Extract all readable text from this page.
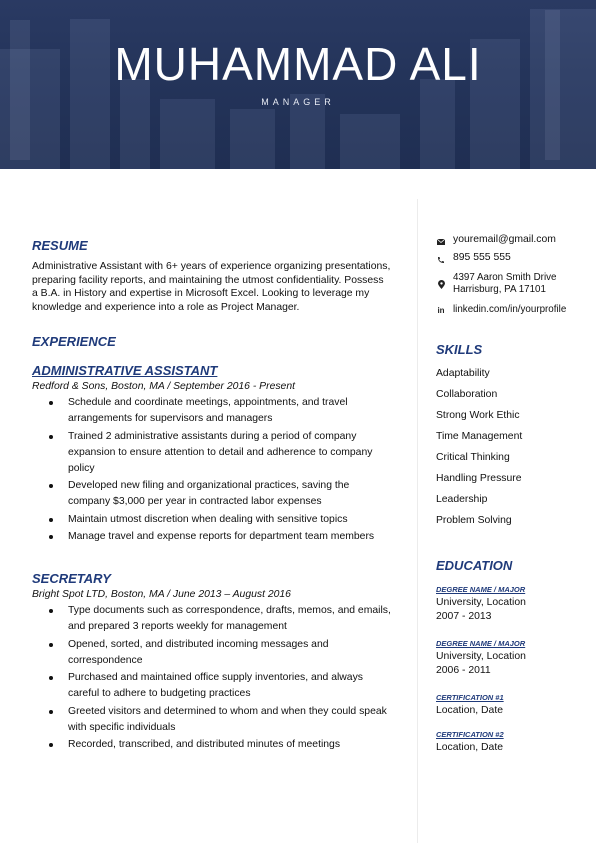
MUHAMMAD ALI
MANAGER
RESUME
Administrative Assistant with 6+ years of experience organizing presentations, preparing facility reports, and maintaining the utmost confidentiality. Possess a B.A. in History and expertise in Microsoft Excel. Looking to leverage my knowledge and experience into a role as Project Manager.
EXPERIENCE
ADMINISTRATIVE ASSISTANT
Redford & Sons, Boston, MA / September 2016 - Present
Schedule and coordinate meetings, appointments, and travel arrangements for supervisors and managers
Trained 2 administrative assistants during a period of company expansion to ensure attention to detail and adherence to company policy
Developed new filing and organizational practices, saving the company $3,000 per year in contracted labor expenses
Maintain utmost discretion when dealing with sensitive topics
Manage travel and expense reports for department team members
SECRETARY
Bright Spot LTD, Boston, MA / June 2013 – August 2016
Type documents such as correspondence, drafts, memos, and emails, and prepared 3 reports weekly for management
Opened, sorted, and distributed incoming messages and correspondence
Purchased and maintained office supply inventories, and always careful to adhere to budgeting practices
Greeted visitors and determined to whom and when they could speak with specific individuals
Recorded, transcribed, and distributed minutes of meetings
youremail@gmail.com
895 555 555
4397 Aaron Smith Drive
Harrisburg, PA 17101
in linkedin.com/in/yourprofile
SKILLS
Adaptability
Collaboration
Strong Work Ethic
Time Management
Critical Thinking
Handling Pressure
Leadership
Problem Solving
EDUCATION
DEGREE NAME / MAJOR
University, Location
2007 - 2013
DEGREE NAME / MAJOR
University, Location
2006 - 2011
CERTIFICATION #1
Location, Date
CERTIFICATION #2
Location, Date
